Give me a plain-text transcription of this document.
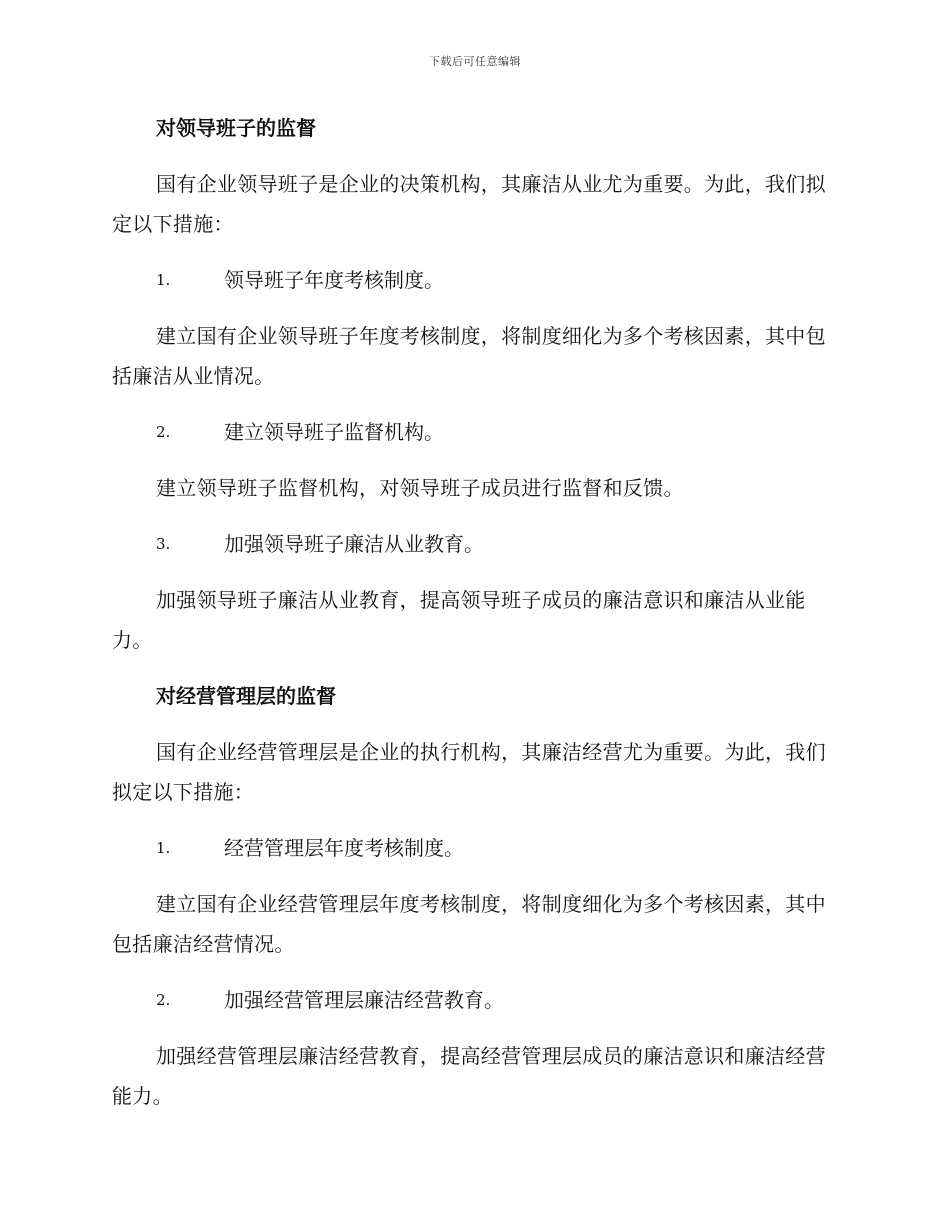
下载后可任意编辑
对领导班子的监督
国有企业领导班子是企业的决策机构，其廉洁从业尤为重要。为此，我们拟定以下措施：
1.	领导班子年度考核制度。
建立国有企业领导班子年度考核制度，将制度细化为多个考核因素，其中包括廉洁从业情况。
2.	建立领导班子监督机构。
建立领导班子监督机构，对领导班子成员进行监督和反馈。
3.	加强领导班子廉洁从业教育。
加强领导班子廉洁从业教育，提高领导班子成员的廉洁意识和廉洁从业能力。
对经营管理层的监督
国有企业经营管理层是企业的执行机构，其廉洁经营尤为重要。为此，我们拟定以下措施：
1.	经营管理层年度考核制度。
建立国有企业经营管理层年度考核制度，将制度细化为多个考核因素，其中包括廉洁经营情况。
2.	加强经营管理层廉洁经营教育。
加强经营管理层廉洁经营教育，提高经营管理层成员的廉洁意识和廉洁经营能力。
